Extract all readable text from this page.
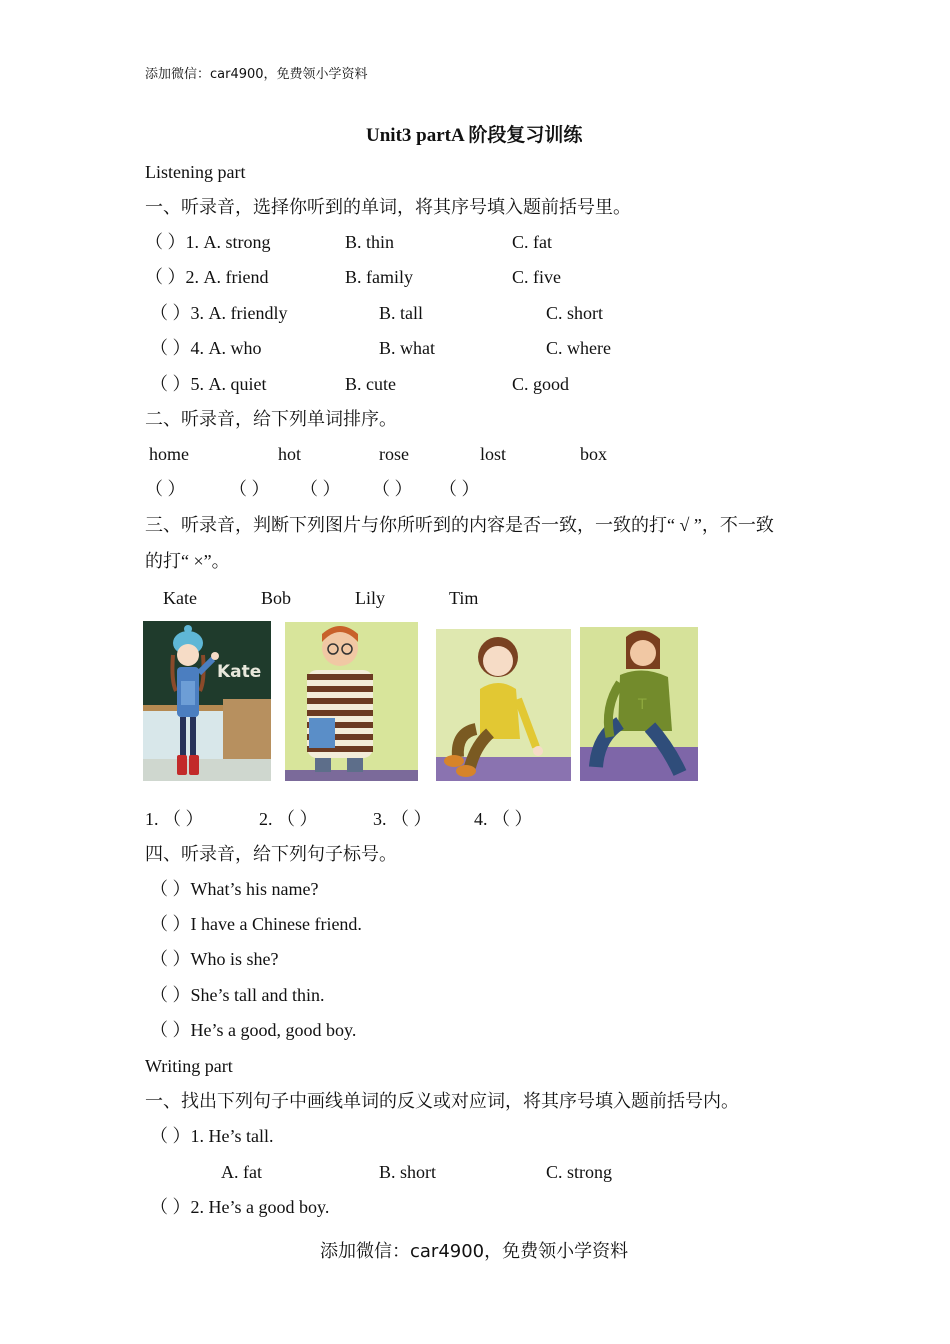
添加微信：car4900，免费领小学资料
Unit3 partA 阶段复习训练
Listening part
一、听录音，选择你听到的单词，将其序号填入题前括号里。
（ ）1. A. strong	B. thin	C. fat
（ ）2. A. friend	B. family	C. five
（ ）3. A. friendly	B. tall	C. short
（ ）4. A. who	B. what	C. where
（ ）5. A. quiet	B. cute	C. good
二、听录音，给下列单词排序。
home	hot	rose	lost	box
（ ） （ ） （ ） （ ） （ ）
三、听录音，判断下列图片与你所听到的内容是否一致，一致的打“ √ ”，不一致
的打“ ×”。
Kate	Bob	Lily	Tim
Kate
T
1. （ ）	2. （ ）	3. （ ） 4. （ ）
四、听录音，给下列句子标号。
（ ）What’s his name?
（ ）I have a Chinese friend.
（ ）Who is she?
（ ）She’s tall and thin.
（ ）He’s a good, good boy.
Writing part
一、找出下列句子中画线单词的反义或对应词，将其序号填入题前括号内。
（ ）1. He’s tall.
A. fat	B. short	C. strong
（ ）2. He’s a good boy.
添加微信：car4900，免费领小学资料
